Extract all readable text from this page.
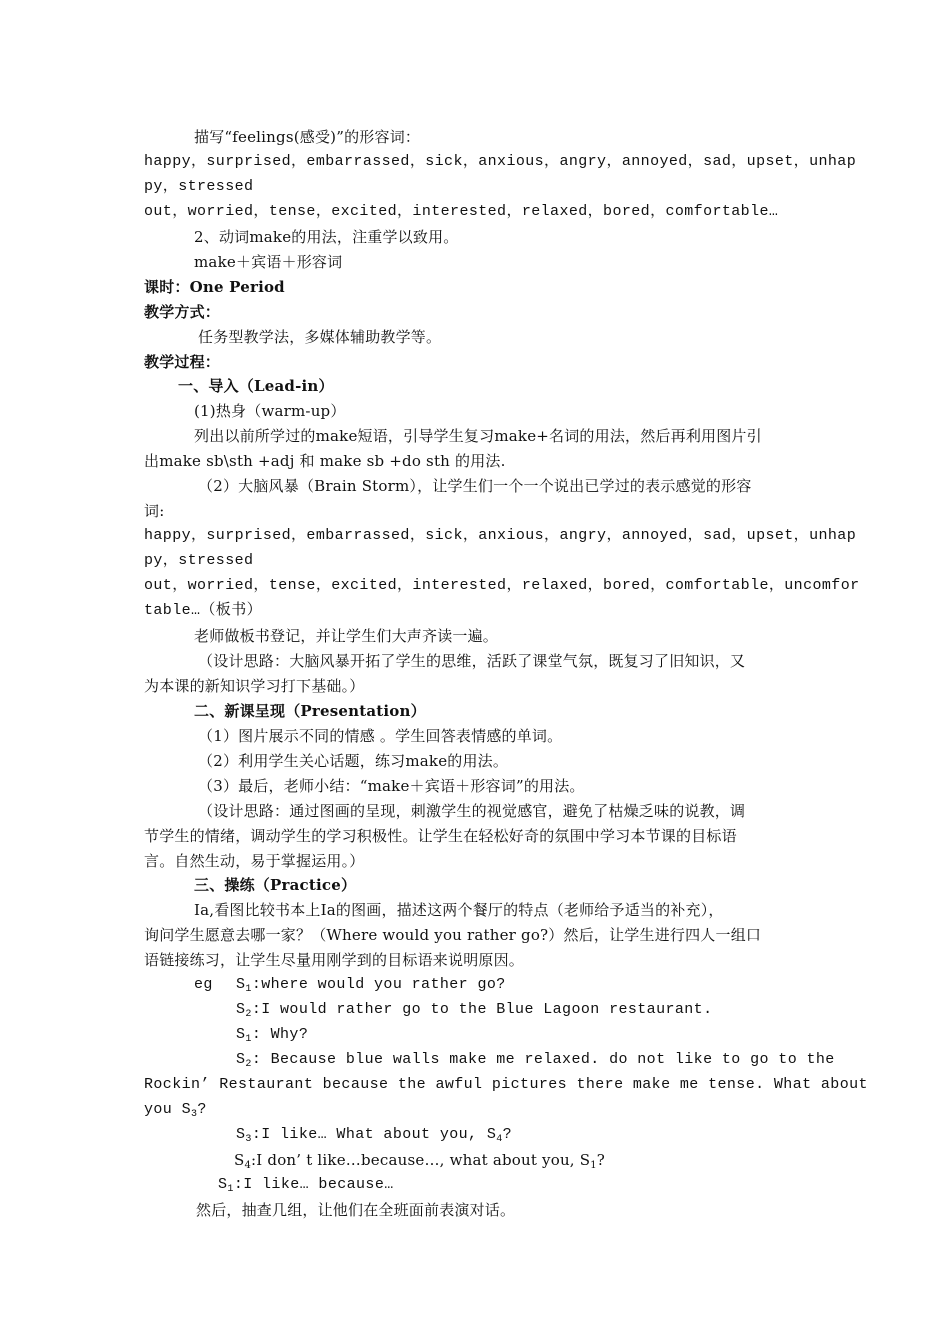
描写“feelings(感受)”的形容词：
happy，surprised，embarrassed，sick，anxious，angry，annoyed，sad，upset，unhap
py，stressed
out，worried，tense，excited，interested，relaxed，bored，comfortable…
2、动词make的用法，注重学以致用。
make＋宾语＋形容词
课时：One Period
教学方式：
任务型教学法，多媒体辅助教学等。
教学过程：
一、导入（Lead-in）
(1)热身（warm-up）
列出以前所学过的make短语，引导学生复习make+名词的用法，然后再利用图片引
出make sb\sth +adj 和 make sb +do sth 的用法.
（2）大脑风暴（Brain Storm），让学生们一个一个说出已学过的表示感觉的形容
词:
happy，surprised，embarrassed，sick，anxious，angry，annoyed，sad，upset，unhap
py，stressed
out，worried，tense，excited，interested，relaxed，bored，comfortable，uncomfor
table…（板书）
老师做板书登记，并让学生们大声齐读一遍。
（设计思路：大脑风暴开拓了学生的思维，活跃了课堂气氛，既复习了旧知识，又
为本课的新知识学习打下基础。）
二、新课呈现（Presentation）
（1）图片展示不同的情感 。学生回答表情感的单词。
（2）利用学生关心话题，练习make的用法。
（3）最后，老师小结：“make＋宾语＋形容词”的用法。
（设计思路：通过图画的呈现，刺激学生的视觉感官，避免了枯燥乏味的说教，调
节学生的情绪，调动学生的学习积极性。让学生在轻松好奇的氛围中学习本节课的目标语
言。自然生动，易于掌握运用。）
三、操练（Practice）
Ia,看图比较书本上Ia的图画，描述这两个餐厅的特点（老师给予适当的补充），
询问学生愿意去哪一家？（Where would you rather go?）然后，让学生进行四人一组口
语链接练习，让学生尽量用刚学到的目标语来说明原因。
eg	$S_1:where$ would you rather go?
$S_2:I$ would rather go to the Blue Lagoon restaurant.
$S_1$: Why?
$S_2$: Because blue walls make me relaxed. do not like to go to the
Rockin’ Restaurant because the awful pictures there make me tense. What about
you $S_3$?
$S_3:I$ like… What about you, $S_4$?
$S_4:I$ don’ t like…because…, what about you, $S_1$?
$S_1:I$ like… because…
然后，抽查几组，让他们在全班面前表演对话。
